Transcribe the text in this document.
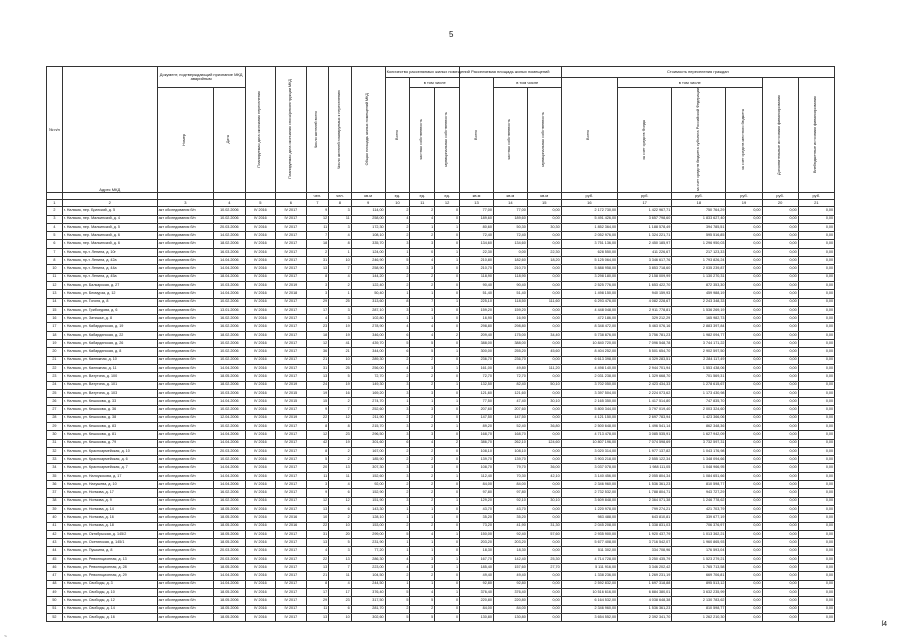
5
№ п/п	Адрес МКД	Документ, подтверждающий признание МКД аварийным		Планируемая дата окончания переселения	Планируемая дата окончания сноса/реконструкции МКД	Число жителей всего	Число жителей планируемых к переселению	Общая площадь жилых помещений МКД	Количество расселяемых жилых помещений			Расселяемая площадь жилых помещений			Стоимость переселения граждан					
									Всего	в том числе		Всего	в том числе		Всего	в том числе			Дополнительные источники финансирования	Внебюджетные источники финансирования
		Номер	Дата							частная собственность	муниципальная собственность		частная собственность	муниципальная собственность		за счет средств Фонда	за счет средств бюджета субъекта Российской Федерации	за счет средств местного бюджета		
						чел.	чел.	кв.м	ед.	ед.	ед.	кв.м	кв.м	кв.м	руб.	руб.	руб.	руб.	руб.	руб.
1	2	3	4	5	6	7	8	9	10	11	12	13	14	15	16	17	18	19	20	21
2	г. Нальчик, пер. Братский, д. 5	акт обследования б/н	10.02.2006	IV 2016	IV 2017	9	3	114,00	2	2	0	77,00	77,00	0,00	2 172 730,00	1 422 967,71	750 764,29	0,00	0,00	0,00
3	г. Нальчик, пер. Малкинский, д. 4	акт обследования б/н	10.02.2006	IV 2016	IV 2017	12	11	258,00	4	4	0	189,60	189,60	0,00	5 491 426,00	3 657 798,60	1 833 627,40	0,00	0,00	0,00
4	г. Нальчик, пер. Малкинский, д. 5	акт обследования б/н	20.03.2006	IV 2016	IV 2017	11	3	172,30	2	1	1	80,60	50,30	30,30	1 852 364,00	1 188 578,49	394 785,51	0,00	0,00	0,00
5	г. Нальчик, пер. Малкинский, д. 6	акт обследования б/н	14.02.2006	IV 2016	IV 2017	7	4	108,10	2	2	0	72,40	72,40	0,00	2 052 976,00	1 324 221,71	595 516,85	0,00	0,00	0,00
6	г. Нальчик, пер. Малкинский, д. 6	акт обследования б/н	18.02.2006	IV 2016	IV 2017	18	8	335,70	3	3	0	134,60	134,60	0,00	3 751 136,00	2 450 185,97	1 296 950,03	0,00	0,00	0,00
7	г. Нальчик, пр-т. Ленина, д. 10г	акт обследования б/н	16.03.2006	IV 2016	IV 2017	2	1	124,00	1	0	1	22,30	0,00	22,30	628 550,00	411 226,67	217 123,33	0,00	0,00	0,00
8	г. Нальчик, пр-т. Ленина, д. 42а	акт обследования б/н	14.04.2006	IV 2016	IV 2017	31	10	246,90	5	4	1	210,80	182,60	18,20	5 125 064,00	3 346 617,76	1 793 826,24	0,00	0,00	0,00
10	г. Нальчик, пр-т. Ленина, д. 44а	акт обследования б/н	14.04.2006	IV 2016	IV 2017	13	7	258,90	3	3	0	210,70	210,70	0,00	5 888 958,00	3 853 718,60	2 035 239,87	0,00	0,00	0,00
11	г. Нальчик, пр-т. Ленина, д. 45а	акт обследования б/н	18.04.2006	IV 2016	IV 2017	8	4	144,20	2	2	0	118,90	118,90	0,00	3 298 180,00	2 158 009,99	1 130 270,31	0,00	0,00	0,00
12	г. Нальчик, ул. Балкарская, д. 27	акт обследования б/н	10.03.2006	IV 2016	IV 2019	3	2	122,40	2	2	0	90,40	90,40	0,00	2 525 776,00	1 653 422,70	872 353,30	0,00	0,00	0,00
13	г. Нальчик, ул. Бекмурза, д. 12	акт обследования б/н	14.04.2006	IV 2016	IV 2018	3	1	50,40	1	1	0	51,40	51,40	0,00	1 498 150,00	940 159,93	459 988,19	0,00	0,00	0,00
14	г. Нальчик, ул. Гоголя, д. 8	акт обследования б/н	10.02.2006	IV 2016	IV 2017	29	25	313,60	8	7	1	225,10	118,50	111,60	6 293 476,00	4 082 228,67	2 243 348,33	0,00	0,00	0,00
15	г. Нальчик, ул. Грибоедова, д. 6	акт обследования б/н	13.01.2006	IV 2016	IV 2017	17	3	287,10	3	3	0	159,20	159,20	0,00	4 448 048,00	2 911 778,81	1 536 269,19	0,00	0,00	0,00
16	г. Нальчик, ул. Затишье, д. 8	акт обследования б/н	16.02.2006	IV 2016	IV 2017	4	3	102,80	1	1	0	16,90	16,90	0,00	472 186,00	329 212,29	165 982,73	0,00	0,00	0,00
17	г. Нальчик, ул. Кабардинская, д. 19	акт обследования б/н	16.02.2006	IV 2016	IV 2017	23	19	278,90	4	4	0	298,80	298,80	0,00	8 348 472,00	5 463 076,16	2 883 397,84	0,00	0,00	0,00
18	г. Нальчик, ул. Кабардинская, д. 22	акт обследования б/н	18.02.2006	IV 2016	IV 2017	18	19	346,00	6	4	2	209,40	175,00	34,40	5 738 876,00	3 756 781,23	1 982 094,77	0,00	0,00	0,00
19	г. Нальчик, ул. Кабардинская, д. 26	акт обследования б/н	10.02.2006	IV 2016	IV 2017	12	41	439,70	5	5	0	388,00	388,00	0,00	10 840 720,00	7 096 548,78	3 744 171,22	0,00	0,00	0,00
20	г. Нальчик, ул. Кабардинская, д. 8	акт обследования б/н	10.02.2006	IV 2016	IV 2017	36	21	344,00	6	5	1	300,00	255,20	45,60	8 404 252,00	5 501 654,70	2 902 597,50	0,00	0,00	0,00
21	г. Нальчик, ул. Калюжная, д. 10	акт обследования б/н	10.02.2006	IV 2016	IV 2017	21	10	289,30	2	2	0	236,70	236,70	0,00	6 613 398,00	4 329 283,51	2 284 117,49	0,00	0,00	0,00
22	г. Нальчик, ул. Калюжная, д. 11	акт обследования б/н	14.04.2006	IV 2016	IV 2017	31	25	256,00	4	3	1	161,00	49,80	111,20	4 498 140,00	2 944 701,94	1 553 438,06	0,00	0,00	0,00
23	г. Нальчик, ул. Ватутина, д. 100	акт обследования б/н	18.05.2006	IV 2016	IV 2017	13	5	72,70	2	2	0	72,70	72,70	0,00	2 031 238,00	1 329 668,70	701 569,31	0,00	0,00	0,00
24	г. Нальчик, ул. Ватутина, д. 101	акт обследования б/н	18.02.2006	IV 2016	IV 2019	24	19	149,30	3	2	1	132,50	82,40	50,10	3 702 050,00	2 423 434,33	1 278 615,67	0,00	0,00	0,00
25	г. Нальчик, ул. Ватутина, д. 103	акт обследования б/н	10.03.2006	IV 2016	IV 2015	19	16	169,20	3	3	0	121,60	121,60	0,00	3 397 504,00	2 224 073,62	1 173 430,98	0,00	0,00	0,00
26	г. Нальчик, ул. Кешокова, д. 33	акт обследования б/н	14.04.2006	IV 2016	IV 2015	15	2	274,70	1	1	1	77,50	47,40	30,10	2 165 350,00	1 417 514,80	747 835,70	0,00	0,00	0,00
27	г. Нальчик, ул. Кешокова, д. 36	акт обследования б/н	10.02.2006	IV 2016	IV 2017	9	7	252,60	3	3	0	207,60	207,60	0,00	5 800 344,00	3 797 019,40	2 003 324,60	0,00	0,00	0,00
28	г. Нальчик, ул. Кешокова, д. 38	акт обследования б/н	12.04.2006	IV 2016	IV 2019	22	12	211,90	2	2	0	147,50	147,50	0,00	4 121 150,00	2 697 783,94	1 423 366,06	0,00	0,00	0,00
29	г. Нальчик, ул. Кешокова, д. 83	акт обследования б/н	10.02.2006	IV 2016	IV 2017	8	8	215,70	3	2	1	89,20	52,40	36,80	2 500 648,00	1 496 541,14	862 348,36	0,00	0,00	0,00
30	г. Нальчик, ул. Кешокова, д. 81	акт обследования б/н	14.04.2006	IV 2016	IV 2017	12	23	296,50	3	3	0	168,70	168,70	0,00	4 713 478,00	3 085 535,91	1 627 942,09	0,00	0,00	0,00
31	г. Нальчик, ул. Кешокова, д. 79	акт обследования б/н	14.04.2006	IV 2016	IV 2017	42	19	301,60	6	4	2	386,70	262,10	124,60	10 807 196,00	7 074 598,69	3 732 597,31	0,00	0,00	0,00
32	г. Нальчик, ул. Красноармейская, д. 10	акт обследования б/н	20.03.2006	IV 2016	IV 2017	8	2	167,00	2	2	0	108,10	108,10	0,00	3 020 314,00	1 977 137,82	1 043 176,98	0,00	0,00	0,00
33	г. Нальчик, ул. Красноармейская, д. 6	акт обследования б/н	10.02.2006	IV 2016	IV 2017	5	2	185,90	2	2	0	139,70	139,70	0,00	3 903 218,00	2 555 122,34	1 348 094,66	0,00	0,00	0,00
34	г. Нальчик, ул. Красноармейская, д. 7	акт обследования б/н	14.04.2006	IV 2016	IV 2017	20	13	307,30	3	3	0	108,70	79,70	36,00	3 037 078,00	1 988 111,05	1 048 966,95	0,00	0,00	0,00
35	г. Нальчик, ул. Налоукокова, д. 17	акт обследования б/н	14.04.2006	IV 2016	IV 2017	11	11	152,60	3	2	1	112,40	70,30	42,10	3 140 456,00	2 055 804,34	1 084 651,66	0,00	0,00	0,00
36	г. Нальчик, ул. Нахушева, д. 10	акт обследования б/н	14.04.2006	IV 2016	IV 2017	3	4	92,00	2	2	0	84,00	84,00	0,00	2 346 960,00	1 536 361,23	810 598,77	0,00	0,00	0,00
37	г. Нальчик, ул. Ногмова, д. 17	акт обследования б/н	16.02.2006	IV 2016	IV 2017	9	6	152,90	2	2	0	97,80	97,80	0,00	2 732 532,00	1 788 804,71	943 727,29	0,00	0,00	0,00
38	г. Нальчик, ул. Ногмова, д. 9	акт обследования б/н	16.02.2006	IV 2016	IV 2017	12	12	151,90	3	2	1	129,20	92,10	30,10	3 609 848,00	2 364 071,38	1 246 778,62	0,00	0,00	0,00
39	г. Нальчик, ул. Ногмова, д. 14	акт обследования б/н	18.05.2006	IV 2016	IV 2017	13	6	143,30	1	1	0	43,70	43,70	0,00	1 220 978,00	799 274,21	421 703,79	0,00	0,00	0,00
40	г. Нальчик, ул. Ногмова, д. 16	акт обследования б/н	18.05.2006	IV 2016	IV 2016	10	2	128,10	1	1	0	35,20	35,20	0,00	983 488,00	643 810,81	339 677,19	0,00	0,00	0,00
41	г. Нальчик, ул. Ногмова, д. 18	акт обследования б/н	18.05.2006	IV 2016	IV 2016	22	10	153,00	2	2	0	73,20	41,90	31,30	2 045 208,00	1 338 831,03	706 376,97	0,00	0,00	0,00
42	г. Нальчик, ул. Октябрьская, д. 145/2	акт обследования б/н	18.05.2006	IV 2016	IV 2017	31	20	299,00	5	4	1	150,00	92,40	57,60	2 935 900,00	1 920 437,79	1 013 362,21	0,00	0,00	0,00
43	г. Нальчик, ул. Осетинская, д. 145/1	акт обследования б/н	18.05.2006	IV 2016	IV 2017	13	5	231,90	1	1	0	203,20	203,20	0,00	5 677 408,00	3 716 542,07	1 960 865,93	0,00	0,00	0,00
44	г. Нальчик, ул. Пушкина, д. 8	акт обследования б/н	20.03.2006	IV 2016	IV 2017	4	3	77,20	1	1	0	18,30	18,30	0,00	511 302,00	334 708,96	176 593,04	0,00	0,00	0,00
45	г. Нальчик, ул. Революционная, д. 13	акт обследования б/н	20.03.2006	IV 2016	IV 2017	22	13	286,30	4	3	1	167,70	142,40	25,30	4 714 728,00	3 250 435,79	1 523 279,21	0,00	0,00	0,00
46	г. Нальчик, ул. Революционная, д. 28	акт обследования б/н	18.05.2006	IV 2016	IV 2017	13	7	223,00	4	3	1	185,40	157,60	27,70	5 111 916,00	3 346 202,42	1 765 713,58	0,00	0,00	0,00
47	г. Нальчик, ул. Революционная, д. 29	акт обследования б/н	14.04.2006	IV 2016	IV 2017	21	11	104,50	2	2	0	49,40	49,40	0,00	1 338 236,00	1 269 231,19	669 706,81	0,00	0,00	0,00
48	г. Нальчик, ул. Свободы, д. 3	акт обследования б/н	14.04.2006	IV 2016	IV 2017	8	4	244,50	1	1	0	92,80	92,80	0,00	2 592 832,00	1 697 318,88	895 513,12	0,00	0,00	0,00
49	г. Нальчик, ул. Свободы, д. 10	акт обследования б/н	18.05.2006	IV 2016	IV 2017	17	17	376,40	5	4	1	376,40	376,40	0,00	10 516 616,00	6 884 380,01	3 632 235,99	0,00	0,00	0,00
50	г. Нальчик, ул. Свободы, д. 12	акт обследования б/н	18.05.2006	IV 2016	IV 2017	29	23	317,50	5	5	0	220,80	220,80	0,00	6 164 532,00	4 038 648,38	2 130 783,62	0,00	0,00	0,00
51	г. Нальчик, ул. Свободы, д. 14	акт обследования б/н	18.05.2006	IV 2016	IV 2017	11	6	281,70	2	2	0	84,00	84,00	0,00	2 346 960,00	1 536 361,23	810 598,77	0,00	0,00	0,00
52	г. Нальчик, ул. Свободы, д. 16	акт обследования б/н	18.05.2006	IV 2016	IV 2017	13	10	302,60	5	5	0	130,80	130,80	0,00	3 654 552,00	2 392 341,70	1 262 210,30	0,00	0,00	0,00
ſ4
~
